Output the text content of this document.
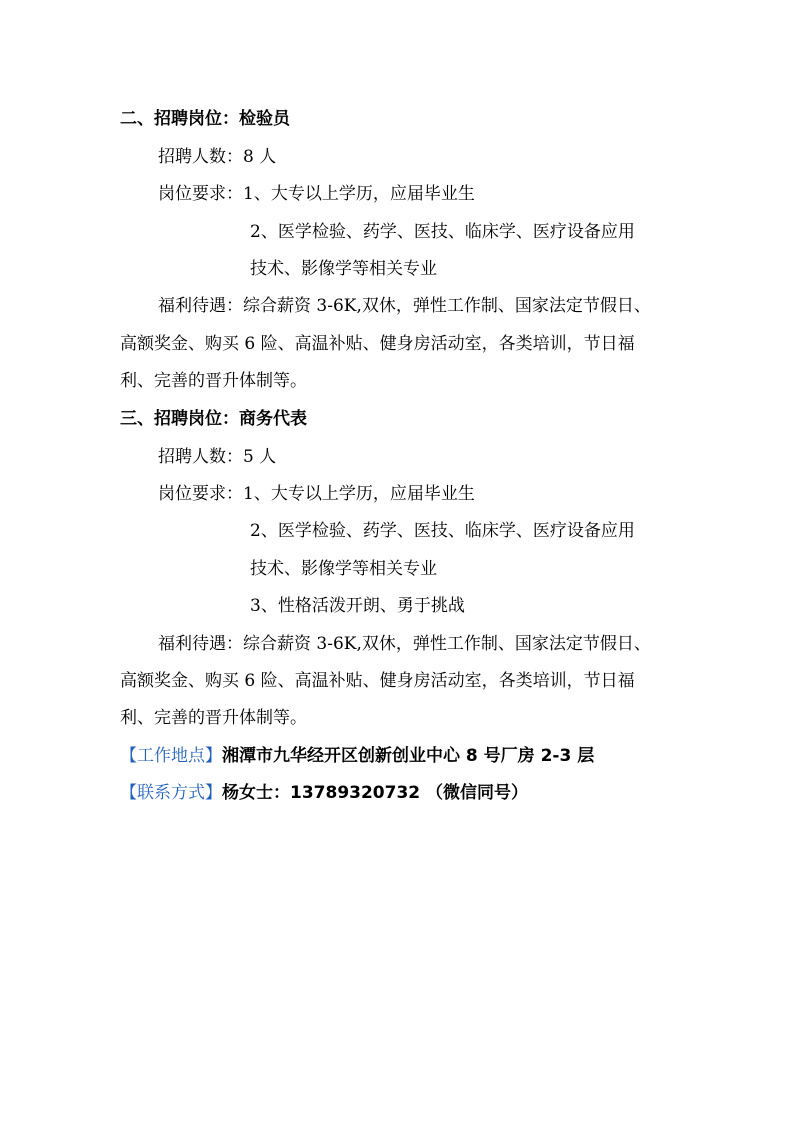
二、招聘岗位：检验员
招聘人数：8 人
岗位要求：1、大专以上学历，应届毕业生
2、医学检验、药学、医技、临床学、医疗设备应用
技术、影像学等相关专业
福利待遇：综合薪资 3-6K,双休，弹性工作制、国家法定节假日、
高额奖金、购买 6 险、高温补贴、健身房活动室，各类培训，节日福
利、完善的晋升体制等。
三、招聘岗位：商务代表
招聘人数：5 人
岗位要求：1、大专以上学历，应届毕业生
2、医学检验、药学、医技、临床学、医疗设备应用
技术、影像学等相关专业
3、性格活泼开朗、勇于挑战
福利待遇：综合薪资 3-6K,双休，弹性工作制、国家法定节假日、
高额奖金、购买 6 险、高温补贴、健身房活动室，各类培训，节日福
利、完善的晋升体制等。
【工作地点】湘潭市九华经开区创新创业中心 8 号厂房 2-3 层
【联系方式】杨女士：13789320732 （微信同号）
